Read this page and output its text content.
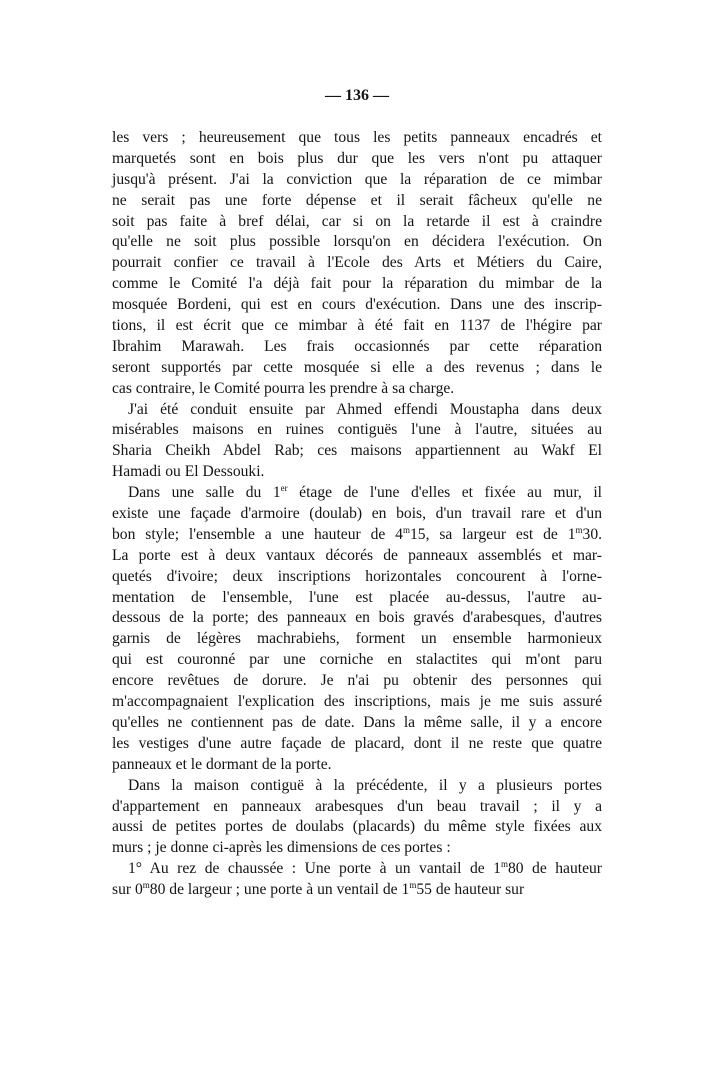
— 136 —
les vers ; heureusement que tous les petits panneaux encadrés et
marquetés sont en bois plus dur que les vers n'ont pu attaquer
jusqu'à présent. J'ai la conviction que la réparation de ce mimbar
ne serait pas une forte dépense et il serait fâcheux qu'elle ne
soit pas faite à bref délai, car si on la retarde il est à craindre
qu'elle ne soit plus possible lorsqu'on en décidera l'exécution. On
pourrait confier ce travail à l'Ecole des Arts et Métiers du Caire,
comme le Comité l'a déjà fait pour la réparation du mimbar de la
mosquée Bordeni, qui est en cours d'exécution. Dans une des inscrip-
tions, il est écrit que ce mimbar à été fait en 1137 de l'hégire par
Ibrahim Marawah. Les frais occasionnés par cette réparation
seront supportés par cette mosquée si elle a des revenus ; dans le
cas contraire, le Comité pourra les prendre à sa charge.
J'ai été conduit ensuite par Ahmed effendi Moustapha dans deux
misérables maisons en ruines contiguës l'une à l'autre, situées au
Sharia Cheikh Abdel Rab; ces maisons appartiennent au Wakf El
Hamadi ou El Dessouki.
Dans une salle du 1er étage de l'une d'elles et fixée au mur, il
existe une façade d'armoire (doulab) en bois, d'un travail rare et d'un
bon style; l'ensemble a une hauteur de 4$^m$15, sa largeur est de 1$^m$30.
La porte est à deux vantaux décorés de panneaux assemblés et mar-
quetés d'ivoire; deux inscriptions horizontales concourent à l'orne-
mentation de l'ensemble, l'une est placée au-dessus, l'autre au-
dessous de la porte; des panneaux en bois gravés d'arabesques, d'autres
garnis de légères machrabiehs, forment un ensemble harmonieux
qui est couronné par une corniche en stalactites qui m'ont paru
encore revêtues de dorure. Je n'ai pu obtenir des personnes qui
m'accompagnaient l'explication des inscriptions, mais je me suis assuré
qu'elles ne contiennent pas de date. Dans la même salle, il y a encore
les vestiges d'une autre façade de placard, dont il ne reste que quatre
panneaux et le dormant de la porte.
Dans la maison contiguë à la précédente, il y a plusieurs portes
d'appartement en panneaux arabesques d'un beau travail ; il y a
aussi de petites portes de doulabs (placards) du même style fixées aux
murs ; je donne ci-après les dimensions de ces portes :
1° Au rez de chaussée : Une porte à un vantail de 1$^m$80 de hauteur
sur 0$^m$80 de largeur ; une porte à un ventail de 1$^m$55 de hauteur sur
